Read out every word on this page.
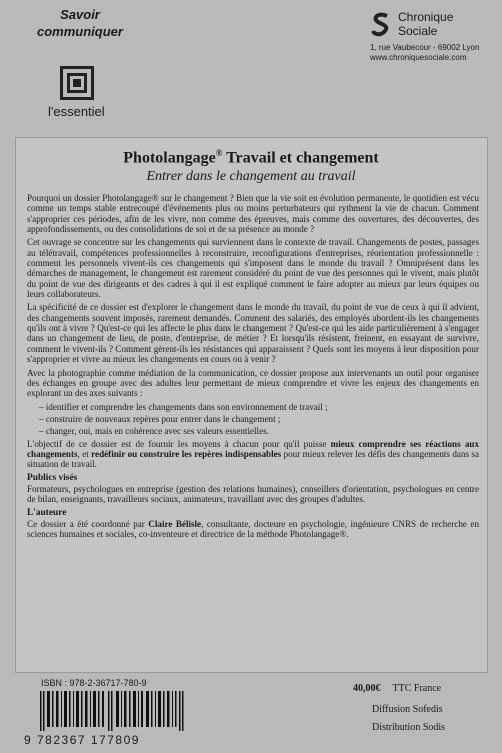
Savoir
communiquer
l'essentiel
Chronique
Sociale
1, rue Vaubecour - 69002 Lyon
www.chroniquesociale.com
Photolangage® Travail et changement
Entrer dans le changement au travail

Pourquoi un dossier Photolangage® sur le changement ? Bien que la vie soit en évolution permanente, le quotidien est vécu comme un temps stable entrecoupé d'événements plus ou moins perturbateurs qui rythment la vie de chacun. Comment s'approprier ces périodes, afin de les vivre, non comme des épreuves, mais comme des ouvertures, des découvertes, des approfondissements, ou des consolidations de soi et de sa présence au monde ?

Cet ouvrage se concentre sur les changements qui surviennent dans le contexte de travail. Changements de postes, passages au télétravail, compétences professionnelles à reconstruire, reconfigurations d'entreprises, réorientation professionnelle : comment les personnels vivent-ils ces changements qui s'imposent dans le monde du travail ? Omniprésent dans les démarches de management, le changement est rarement considéré du point de vue des personnes qui le vivent, mais plutôt du point de vue des dirigeants et des cadres à qui il est expliqué comment le faire adopter au mieux par leurs équipes ou leurs collaborateurs.

La spécificité de ce dossier est d'explorer le changement dans le monde du travail, du point de vue de ceux à qui il advient, des changements souvent imposés, rarement demandés. Comment des salariés, des employés abordent-ils les changements qu'ils ont à vivre ? Qu'est-ce qui les affecte le plus dans le changement ? Qu'est-ce qui les aide particulièrement à s'engager dans un changement de lieu, de poste, d'entreprise, de métier ? Et lorsqu'ils résistent, freinent, en essayant de survivre, comment le vivent-ils ? Comment gèrent-ils les résistances qui apparaissent ? Quels sont les moyens à leur disposition pour s'approprier et vivre au mieux les changements en cours ou à venir ?

Avec la photographie comme médiation de la communication, ce dossier propose aux intervenants un outil pour organiser des échanges en groupe avec des adultes leur permettant de mieux comprendre et vivre les enjeux des changements en explorant un des axes suivants :

– identifier et comprendre les changements dans son environnement de travail ;
– construire de nouveaux repères pour entrer dans le changement ;
– changer, oui, mais en cohérence avec ses valeurs essentielles.

L'objectif de ce dossier est de fournir les moyens à chacun pour qu'il puisse mieux comprendre ses réactions aux changements, et redéfinir ou construire les repères indispensables pour mieux relever les défis des changements dans sa situation de travail.

Publics visés

Formateurs, psychologues en entreprise (gestion des relations humaines), conseillers d'orientation, psychologues en centre de bilan, enseignants, travailleurs sociaux, animateurs, travaillant avec des groupes d'adultes.

L'auteure

Ce dossier a été coordonné par Claire Bélisle, consultante, docteure en psychologie, ingénieure CNRS de recherche en sciences humaines et sociales, co-inventeure et directrice de la méthode Photolangage®.

ISBN : 978-2-36717-780-9
9 782367 177809
40,00€ TTC France
Diffusion Sofedis
Distribution Sodis
